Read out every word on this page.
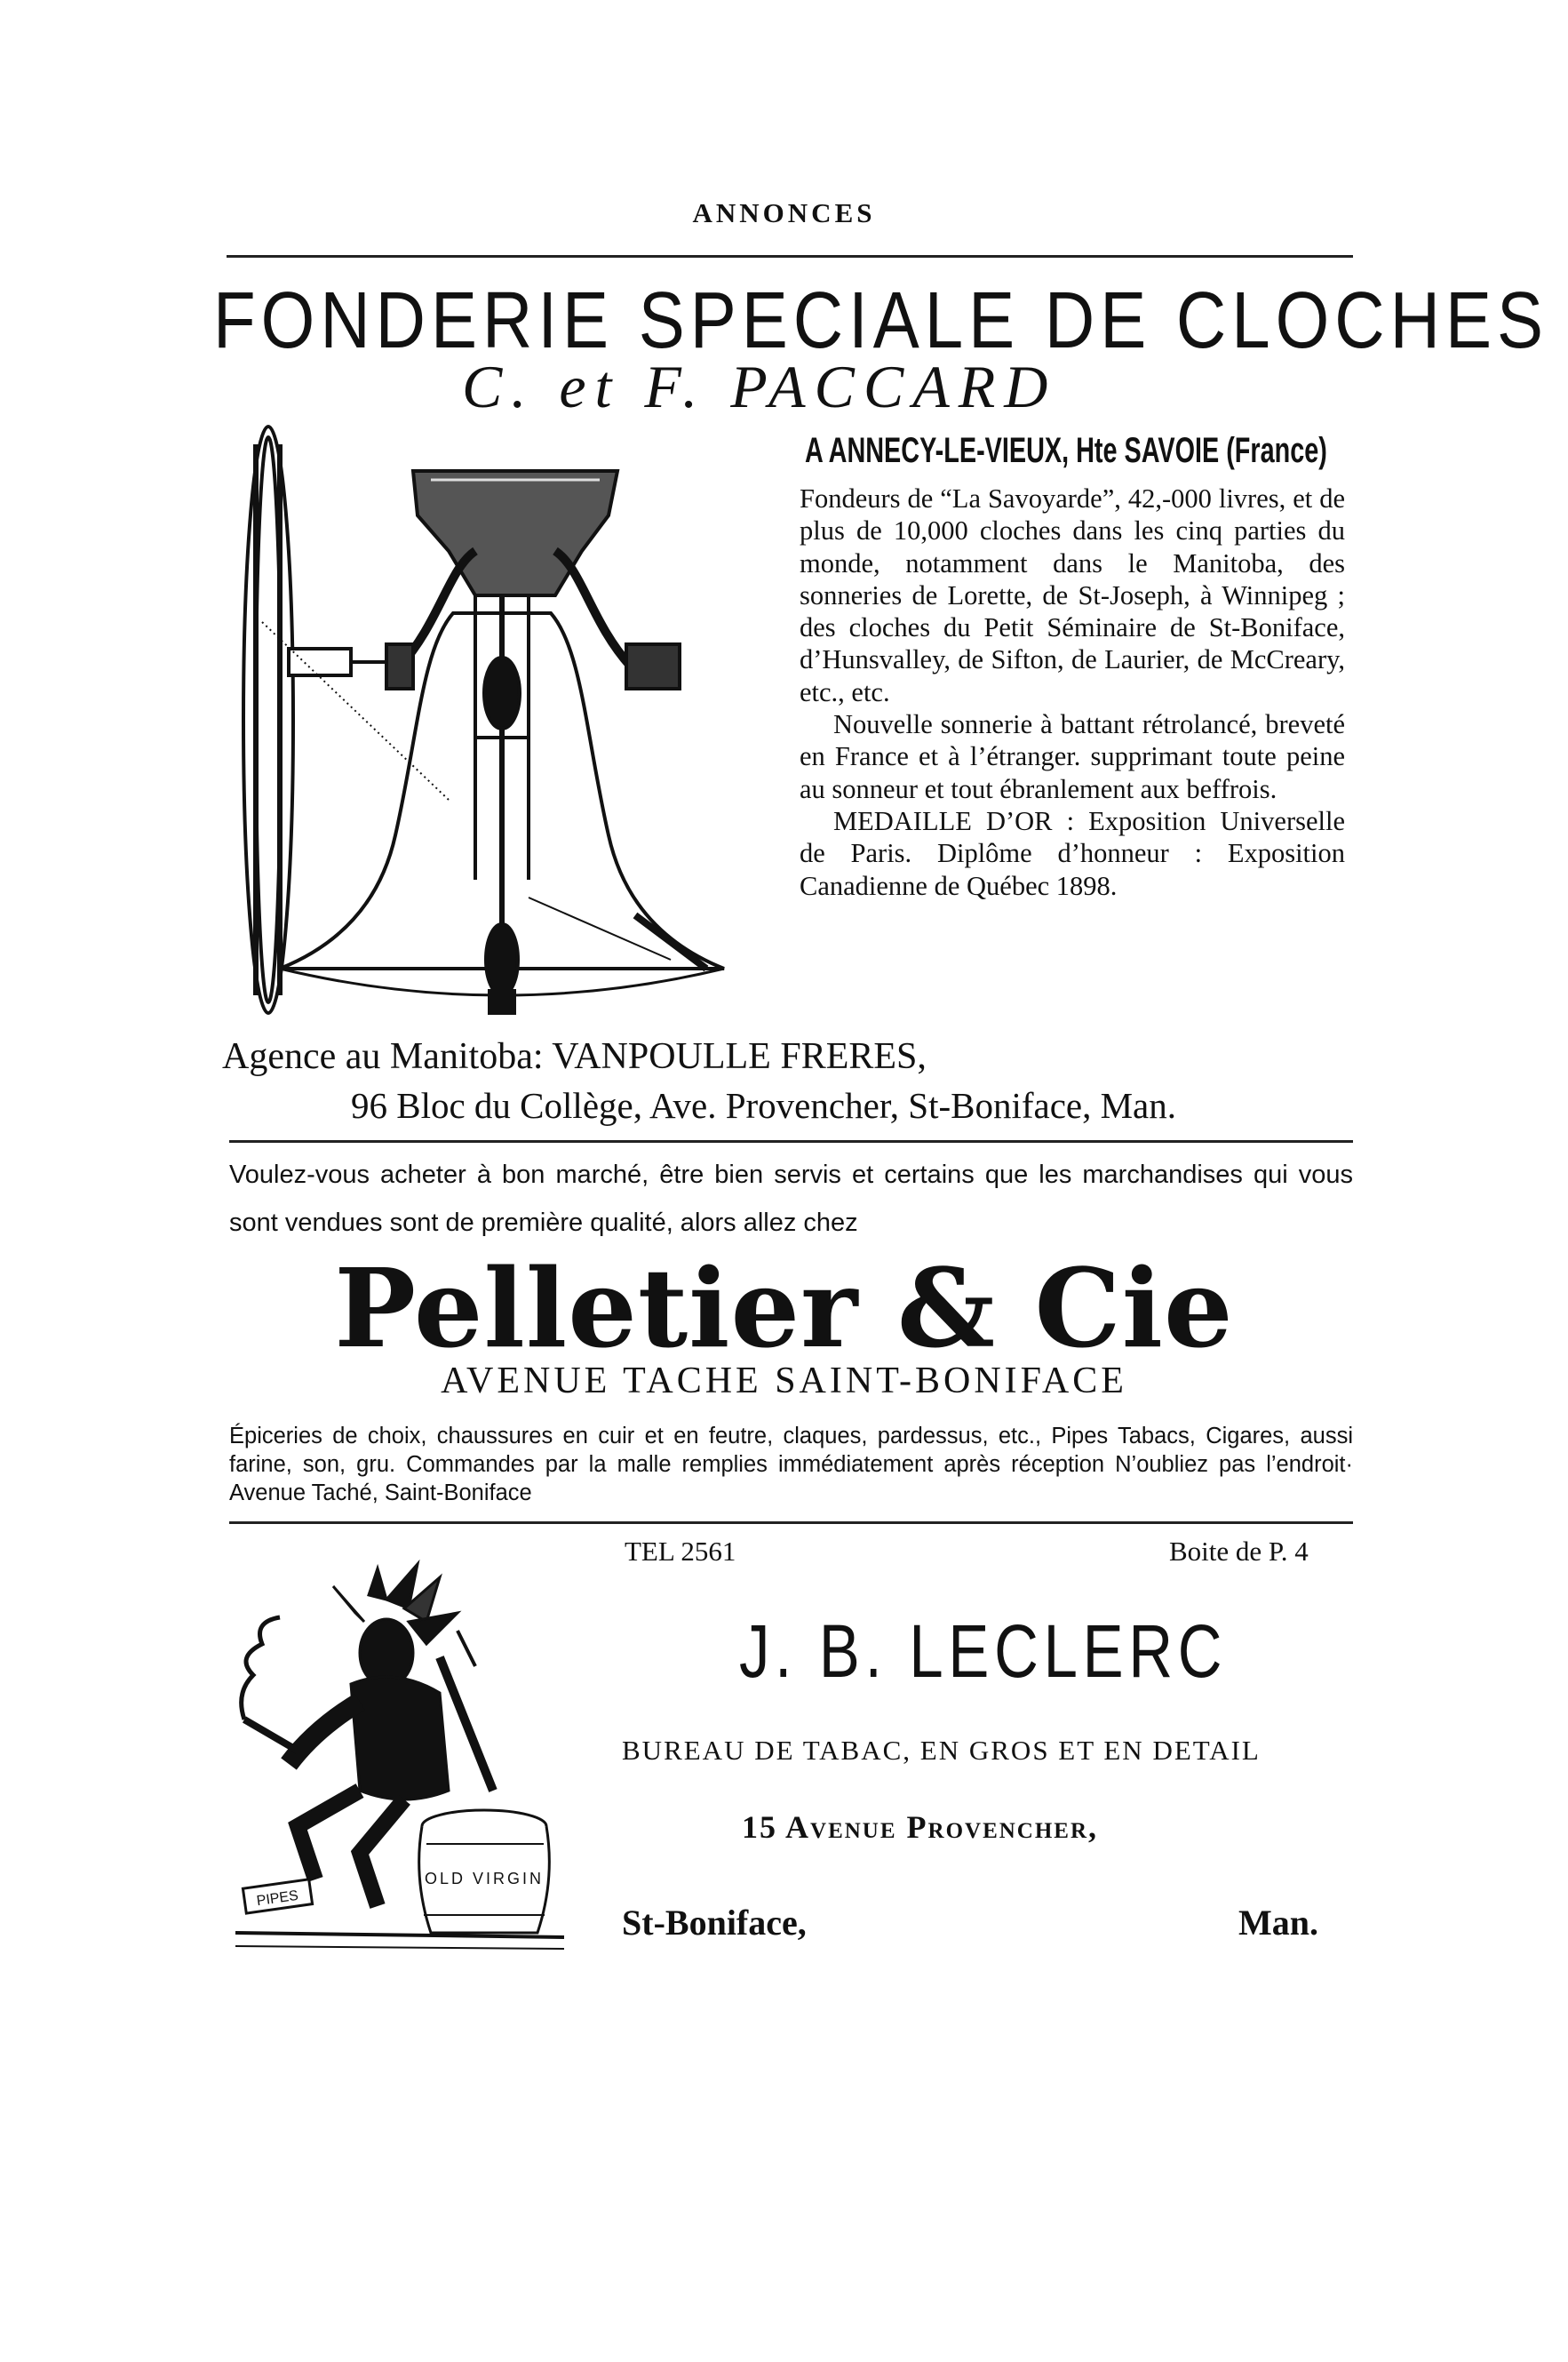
ANNONCES
FONDERIE SPECIALE DE CLOCHES
C. et F. PACCARD
A ANNECY-LE-VIEUX, Hte SAVOIE (France)

Fondeurs de “La Savoyarde”, 42,-000 livres, et de plus de 10,000 cloches dans les cinq parties du monde, notamment dans le Manitoba, des sonneries de Lorette, de St-Joseph, à Winnipeg ; des cloches du Petit Séminaire de St-Boniface, d’Hunsvalley, de Sifton, de Laurier, de McCreary, etc., etc.

Nouvelle sonnerie à battant rétrolancé, breveté en France et à l’étranger. supprimant toute peine au sonneur et tout ébranlement aux beffrois.

MEDAILLE D’OR : Exposition Universelle de Paris. Diplôme d’honneur : Exposition Canadienne de Québec 1898.

Agence au Manitoba: VANPOULLE FRERES,
96 Bloc du Collège, Ave. Provencher, St-Boniface, Man.
Voulez-vous acheter à bon marché, être bien servis et certains que les marchandises qui vous sont vendues sont de première qualité, alors allez chez
Pelletier & Cie
AVENUE TACHE SAINT-BONIFACE
Épiceries de choix, chaussures en cuir et en feutre, claques, pardessus, etc., Pipes Tabacs, Cigares, aussi farine, son, gru. Commandes par la malle remplies immédiatement après réception N’oubliez pas l’endroit· Avenue Taché, Saint-Boniface
TEL 2561	Boite de P. 4
OLD VIRGIN
PIPES
J. B. LECLERC
BUREAU DE TABAC, EN GROS ET EN DETAIL
15 Avenue Provencher,
St-Boniface,	Man.
